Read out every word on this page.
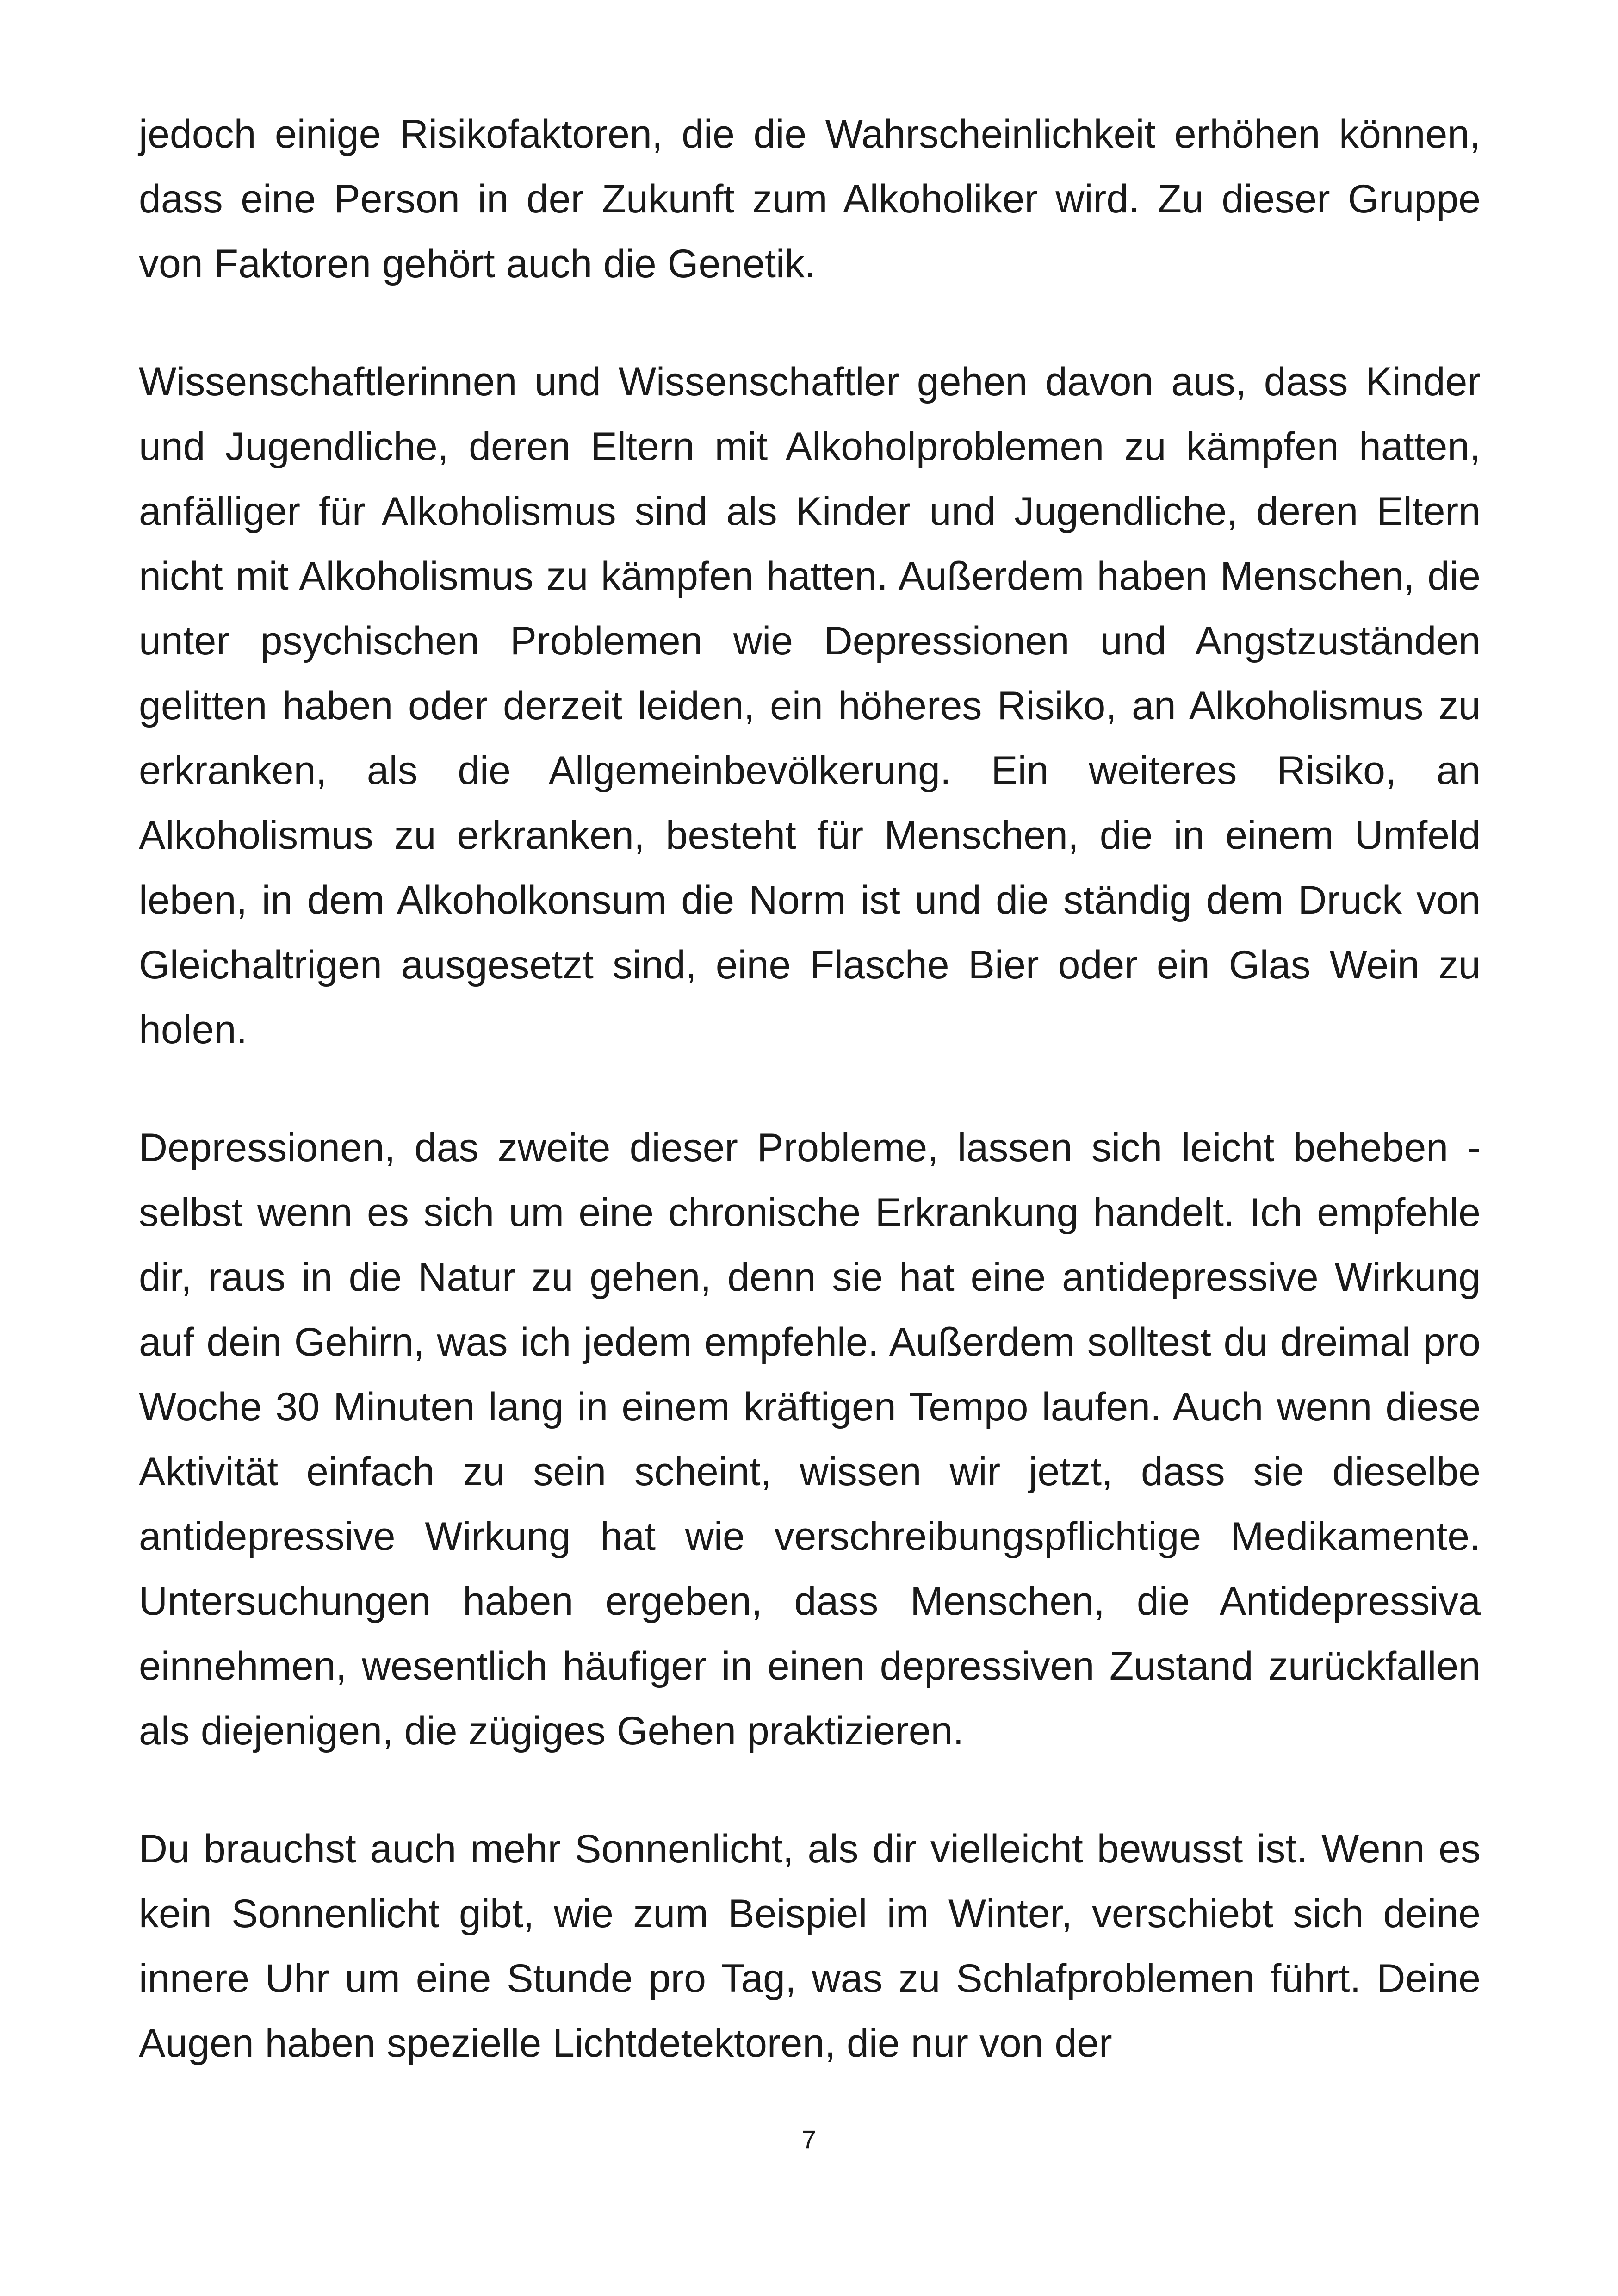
jedoch einige Risikofaktoren, die die Wahrscheinlichkeit erhöhen können, dass eine Person in der Zukunft zum Alkoholiker wird. Zu dieser Gruppe von Faktoren gehört auch die Genetik.

Wissenschaftlerinnen und Wissenschaftler gehen davon aus, dass Kinder und Jugendliche, deren Eltern mit Alkoholproblemen zu kämpfen hatten, anfälliger für Alkoholismus sind als Kinder und Jugendliche, deren Eltern nicht mit Alkoholismus zu kämpfen hatten. Außerdem haben Menschen, die unter psychischen Problemen wie Depressionen und Angstzuständen gelitten haben oder derzeit leiden, ein höheres Risiko, an Alkoholismus zu erkranken, als die Allgemeinbevölkerung. Ein weiteres Risiko, an Alkoholismus zu erkranken, besteht für Menschen, die in einem Umfeld leben, in dem Alkoholkonsum die Norm ist und die ständig dem Druck von Gleichaltrigen ausgesetzt sind, eine Flasche Bier oder ein Glas Wein zu holen.

Depressionen, das zweite dieser Probleme, lassen sich leicht beheben - selbst wenn es sich um eine chronische Erkrankung handelt. Ich empfehle dir, raus in die Natur zu gehen, denn sie hat eine antidepressive Wirkung auf dein Gehirn, was ich jedem empfehle. Außerdem solltest du dreimal pro Woche 30 Minuten lang in einem kräftigen Tempo laufen. Auch wenn diese Aktivität einfach zu sein scheint, wissen wir jetzt, dass sie dieselbe antidepressive Wirkung hat wie verschreibungspflichtige Medikamente. Untersuchungen haben ergeben, dass Menschen, die Antidepressiva einnehmen, wesentlich häufiger in einen depressiven Zustand zurückfallen als diejenigen, die zügiges Gehen praktizieren.

Du brauchst auch mehr Sonnenlicht, als dir vielleicht bewusst ist. Wenn es kein Sonnenlicht gibt, wie zum Beispiel im Winter, verschiebt sich deine innere Uhr um eine Stunde pro Tag, was zu Schlafproblemen führt. Deine Augen haben spezielle Lichtdetektoren, die nur von der

7
